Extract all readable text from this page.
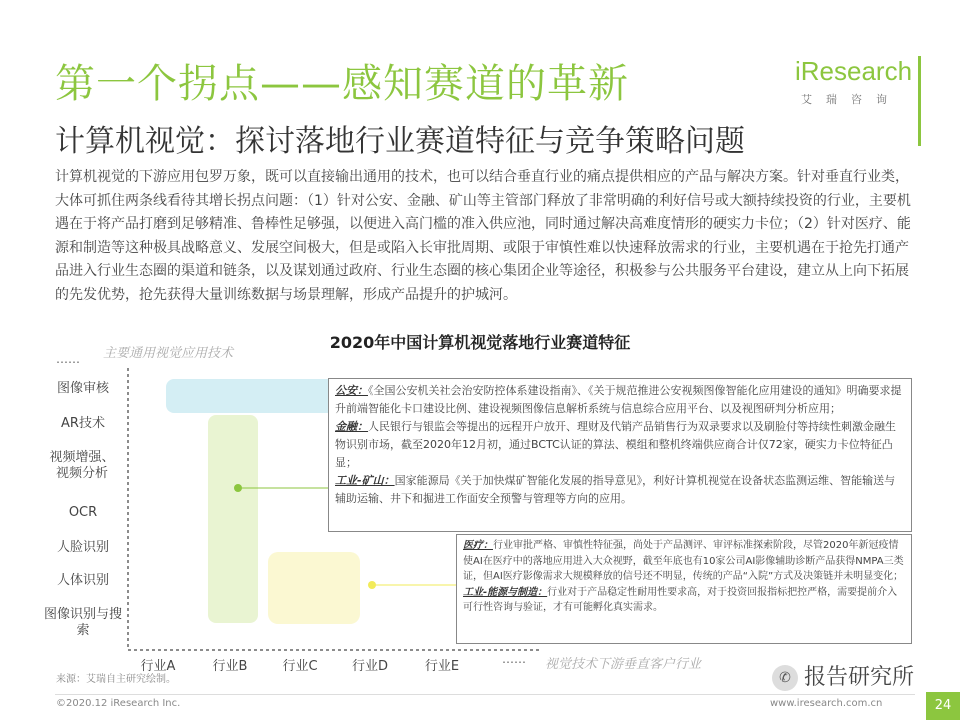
第一个拐点——感知赛道的革新
计算机视觉：探讨落地行业赛道特征与竞争策略问题
iResearch
艾瑞咨询
计算机视觉的下游应用包罗万象，既可以直接输出通用的技术，也可以结合垂直行业的痛点提供相应的产品与解决方案。针对垂直行业类，大体可抓住两条线看待其增长拐点问题：（1）针对公安、金融、矿山等主管部门释放了非常明确的利好信号或大额持续投资的行业，主要机遇在于将产品打磨到足够精准、鲁棒性足够强，以便进入高门槛的准入供应池，同时通过解决高难度情形的硬实力卡位；（2）针对医疗、能源和制造等这种极具战略意义、发展空间极大，但是或陷入长审批周期、或限于审慎性难以快速释放需求的行业，主要机遇在于抢先打通产品进入行业生态圈的渠道和链条，以及谋划通过政府、行业生态圈的核心集团企业等途径，积极参与公共服务平台建设，建立从上向下拓展的先发优势，抢先获得大量训练数据与场景理解，形成产品提升的护城河。
2020年中国计算机视觉落地行业赛道特征
主要通用视觉应用技术
视觉技术下游垂直客户行业
……
图像审核
AR技术
视频增强、视频分析
OCR
人脸识别
人体识别
图像识别与搜索
行业A	行业B	行业C	行业D	行业E	……
公安：《全国公安机关社会治安防控体系建设指南》、《关于规范推进公安视频图像智能化应用建设的通知》明确要求提升前端智能化卡口建设比例、建设视频图像信息解析系统与信息综合应用平台、以及视图研判分析应用；
金融：人民银行与银监会等提出的远程开户放开、理财及代销产品销售行为双录要求以及刷脸付等持续性刺激金融生物识别市场，截至2020年12月初，通过BCTC认证的算法、模组和整机终端供应商合计仅72家，硬实力卡位特征凸显；
工业-矿山：国家能源局《关于加快煤矿智能化发展的指导意见》，利好计算机视觉在设备状态监测运维、智能输送与辅助运输、井下和掘进工作面安全预警与管理等方向的应用。
医疗：行业审批严格、审慎性特征强，尚处于产品测评、审评标准探索阶段，尽管2020年新冠疫情使AI在医疗中的落地应用进入大众视野，截至年底也有10家公司AI影像辅助诊断产品获得NMPA三类证，但AI医疗影像需求大规模释放的信号还不明显，传统的产品“入院”方式及决策链并未明显变化；
工业-能源与制造：行业对于产品稳定性耐用性要求高，对于投资回报指标把控严格，需要提前介入可行性咨询与验证，才有可能孵化真实需求。
来源：艾瑞自主研究绘制。	✆ 报告研究所
©2020.12 iResearch Inc.	www.iresearch.com.cn	24
